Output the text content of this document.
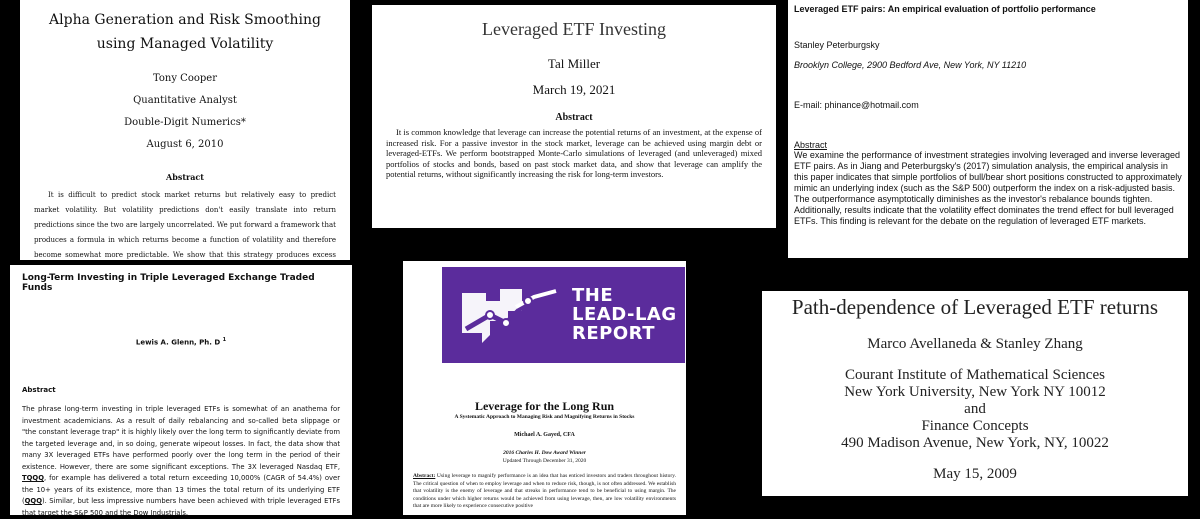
Alpha Generation and Risk Smoothing using Managed Volatility
Tony Cooper
Quantitative Analyst
Double-Digit Numerics*
August 6, 2010
Abstract
It is difficult to predict stock market returns but relatively easy to predict market volatility. But volatility predictions don't easily translate into return predictions since the two are largely uncorrelated. We put forward a framework that produces a formula in which returns become a function of volatility and therefore become somewhat more predictable. We show that this strategy produces excess
Leveraged ETF Investing
Tal Miller
March 19, 2021
Abstract
It is common knowledge that leverage can increase the potential returns of an investment, at the expense of increased risk. For a passive investor in the stock market, leverage can be achieved using margin debt or leveraged-ETFs. We perform bootstrapped Monte-Carlo simulations of leveraged (and unleveraged) mixed portfolios of stocks and bonds, based on past stock market data, and show that leverage can amplify the potential returns, without significantly increasing the risk for long-term investors.
Leveraged ETF pairs: An empirical evaluation of portfolio performance
Stanley Peterburgsky
Brooklyn College, 2900 Bedford Ave, New York, NY 11210
E-mail: phinance@hotmail.com
Abstract
We examine the performance of investment strategies involving leveraged and inverse leveraged ETF pairs. As in Jiang and Peterburgsky's (2017) simulation analysis, the empirical analysis in this paper indicates that simple portfolios of bull/bear short positions constructed to approximately mimic an underlying index (such as the S&P 500) outperform the index on a risk-adjusted basis. The outperformance asymptotically diminishes as the investor's rebalance bounds tighten. Additionally, results indicate that the volatility effect dominates the trend effect for bull leveraged ETFs. This finding is relevant for the debate on the regulation of leveraged ETF markets.
Long-Term Investing in Triple Leveraged Exchange Traded Funds
Lewis A. Glenn, Ph. D $^1$
Abstract
The phrase long-term investing in triple leveraged ETFs is somewhat of an anathema for investment academicians. As a result of daily rebalancing and so-called beta slippage or "the constant leverage trap" it is highly likely over the long term to significantly deviate from the targeted leverage and, in so doing, generate wipeout losses. In fact, the data show that many 3X leveraged ETFs have performed poorly over the long term in the period of their existence. However, there are some significant exceptions. The 3X leveraged Nasdaq ETF, TQQQ, for example has delivered a total return exceeding 10,000% (CAGR of 54.4%) over the 10+ years of its existence, more than 13 times the total return of its underlying ETF (QQQ). Similar, but less impressive numbers have been achieved with triple leveraged ETFs that target the S&P 500 and the Dow Industrials.
THE
LEAD-LAG
REPORT
Leverage for the Long Run
A Systematic Approach to Managing Risk and Magnifying Returns in Stocks
Michael A. Gayed, CFA
2016 Charles H. Dow Award Winner
Updated Through December 31, 2020
Abstract: Using leverage to magnify performance is an idea that has enticed investors and traders throughout history. The critical question of when to employ leverage and when to reduce risk, though, is not often addressed. We establish that volatility is the enemy of leverage and that streaks in performance tend to be beneficial to using margin. The conditions under which higher returns would be achieved from using leverage, then, are low volatility environments that are more likely to experience consecutive positive
Path-dependence of Leveraged ETF returns
Marco Avellaneda & Stanley Zhang
Courant Institute of Mathematical Sciences
New York University, New York NY 10012
and
Finance Concepts
490 Madison Avenue, New York, NY, 10022
May 15, 2009
